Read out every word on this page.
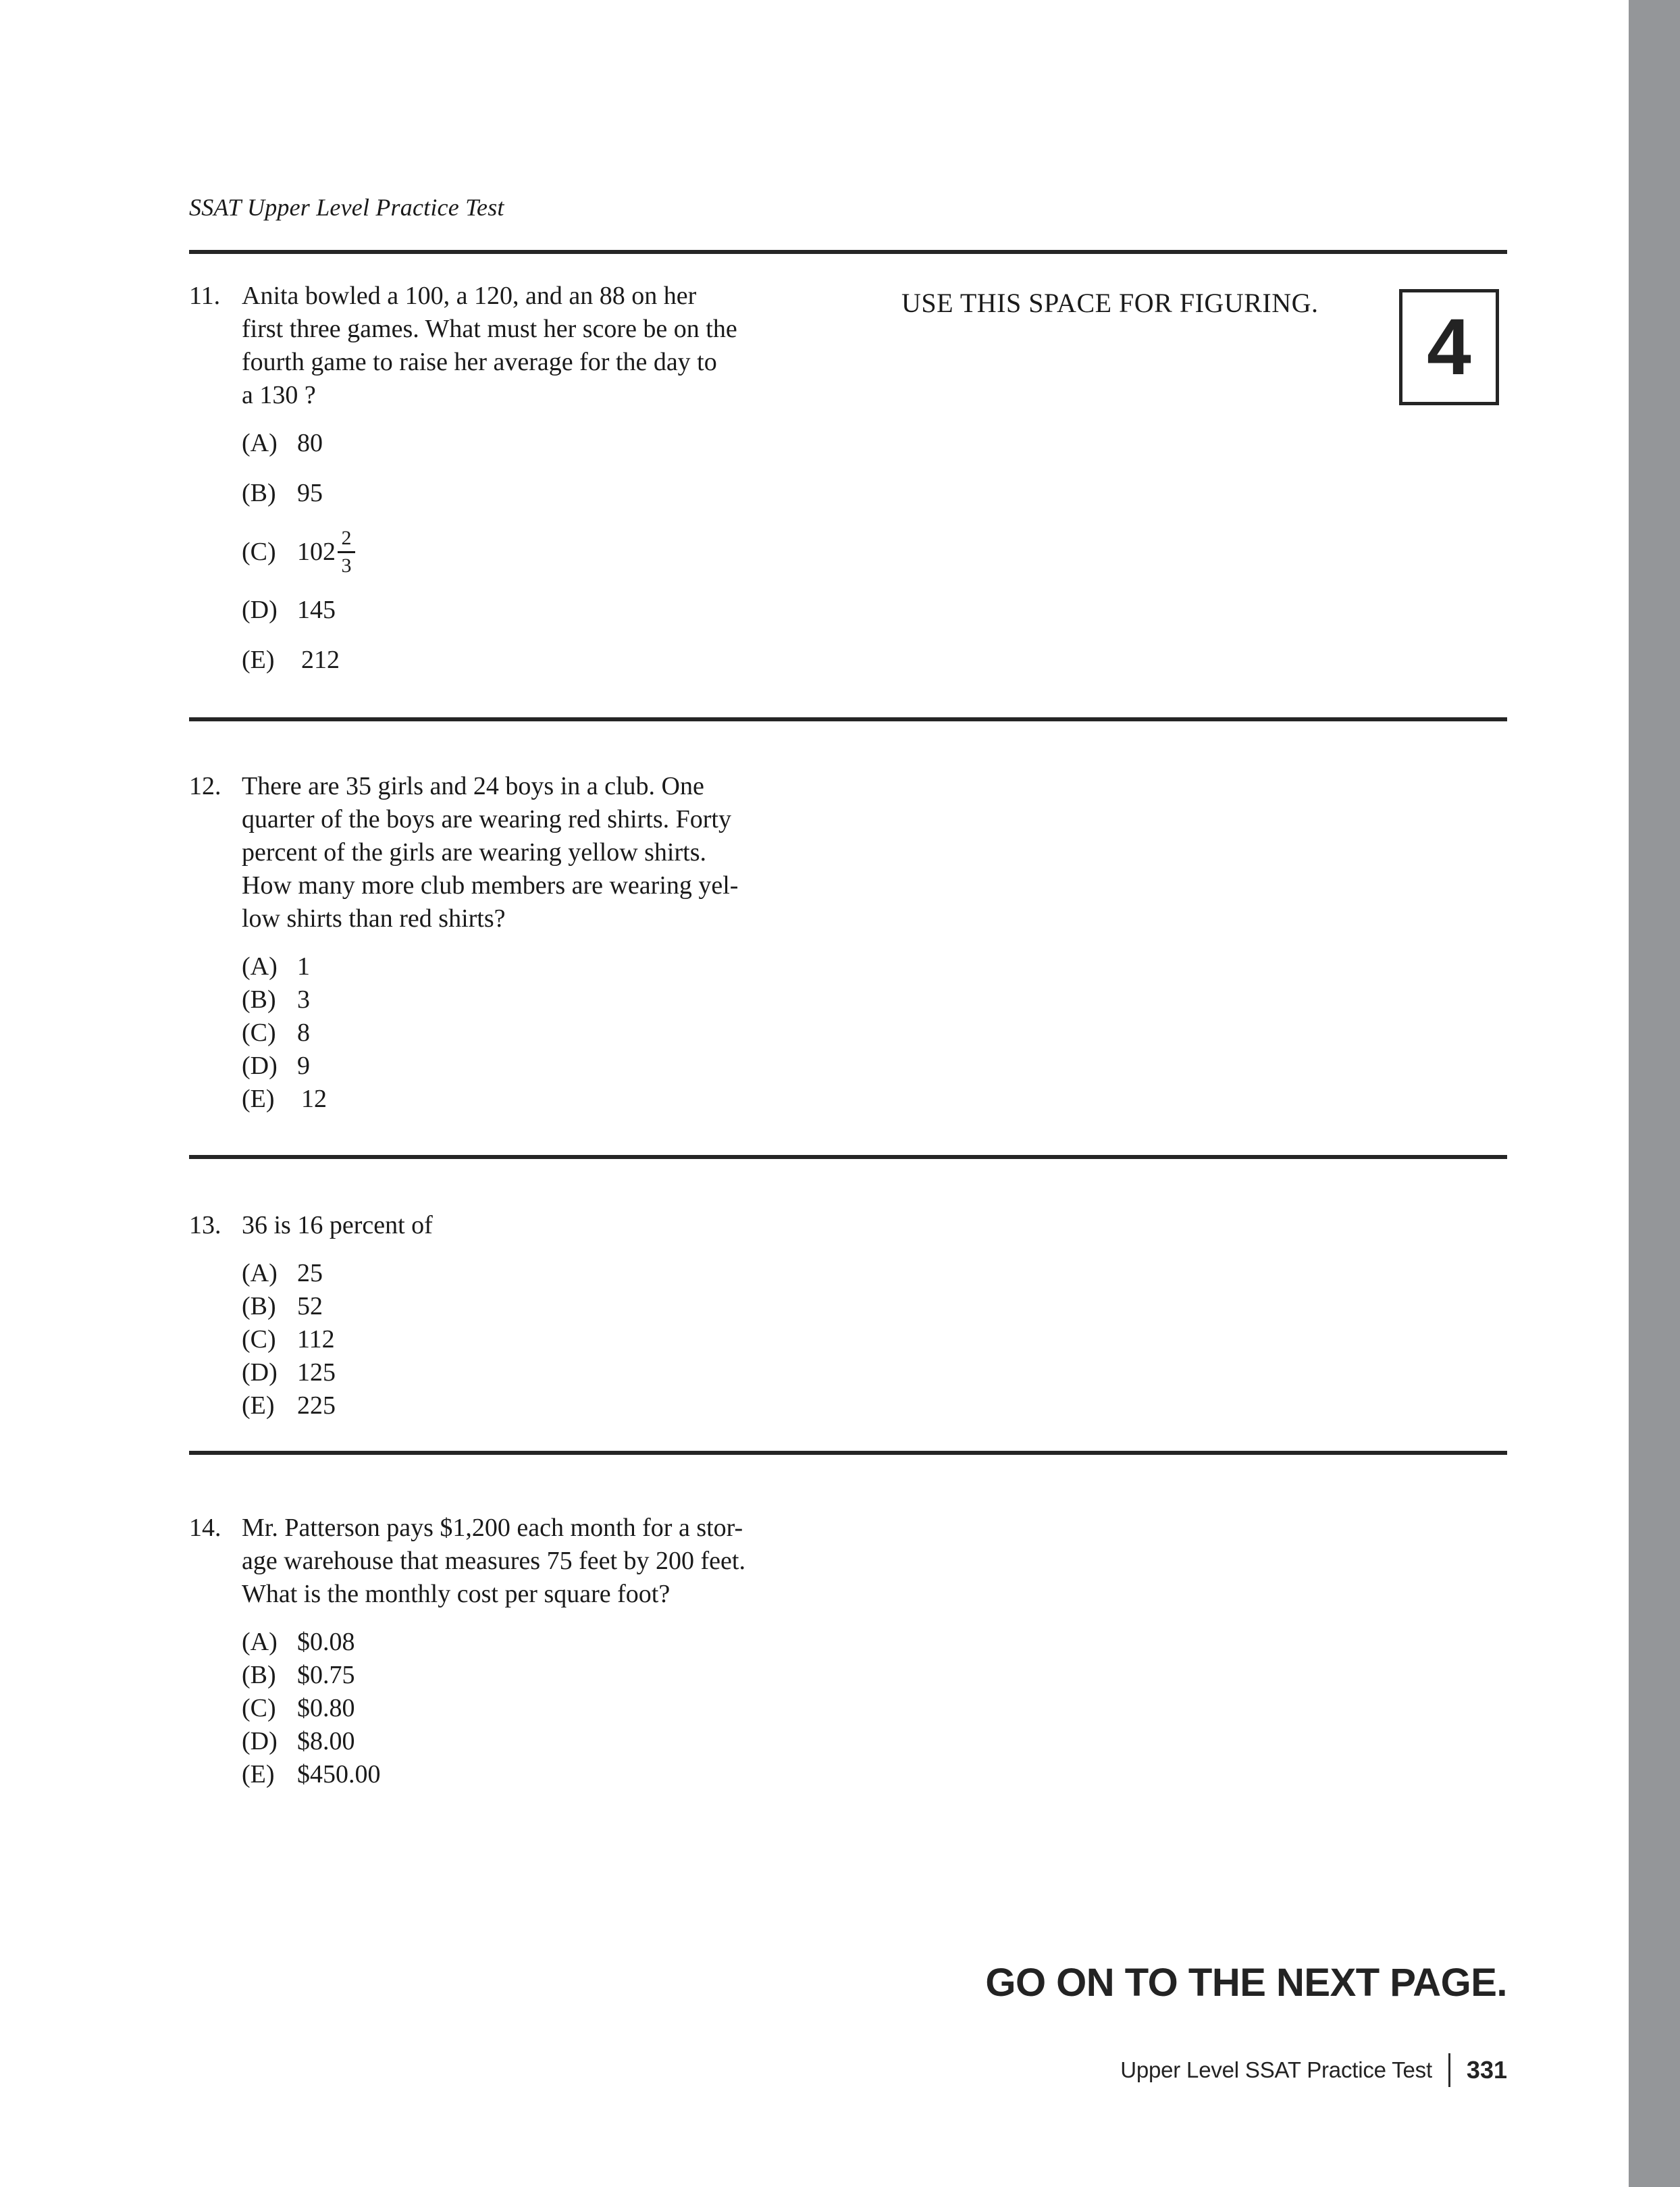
SSAT Upper Level Practice Test
USE THIS SPACE FOR FIGURING.	4
11. Anita bowled a 100, a 120, and an 88 on her
first three games. What must her score be on the
fourth game to raise her average for the day to
a 130 ?
(A) 80
(B) 95
(C) $102 \frac{2}{3}$
(D) 145
(E)	212
12. There are 35 girls and 24 boys in a club. One
quarter of the boys are wearing red shirts. Forty
percent of the girls are wearing yellow shirts.
How many more club members are wearing yel-
low shirts than red shirts?
(A) 1
(B) 3
(C) 8
(D) 9
(E)	12
13. 36 is 16 percent of
(A) 25
(B) 52
(C) 112
(D) 125
(E) 225
14. Mr. Patterson pays $1,200 each month for a stor-
age warehouse that measures 75 feet by 200 feet.
What is the monthly cost per square foot?
(A) $0.08
(B) $0.75
(C) $0.80
(D) $8.00
(E) $450.00
GO ON TO THE NEXT PAGE.
Upper Level SSAT Practice Test 331
